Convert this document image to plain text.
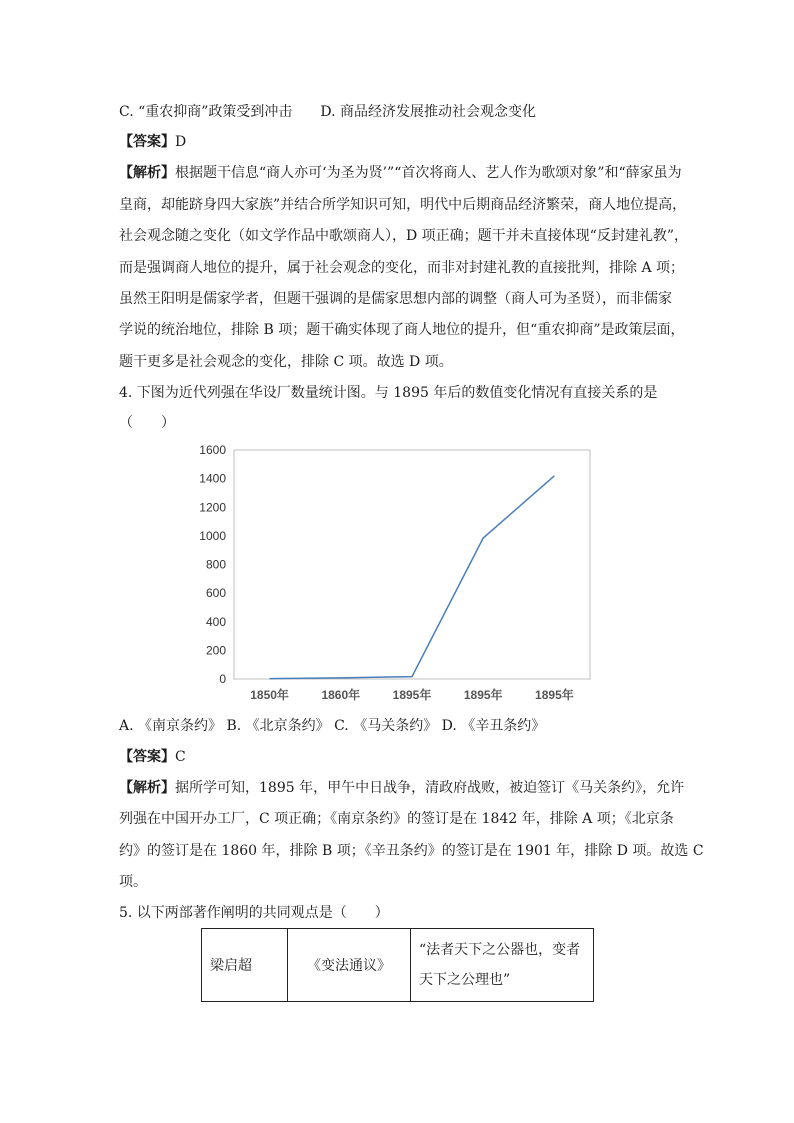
C. “重农抑商”政策受到冲击　　D. 商品经济发展推动社会观念变化
【答案】D
【解析】根据题干信息“商人亦可‘为圣为贤’”“首次将商人、艺人作为歌颂对象”和“薛家虽为
皇商，却能跻身四大家族”并结合所学知识可知，明代中后期商品经济繁荣，商人地位提高，
社会观念随之变化（如文学作品中歌颂商人），D 项正确；题干并未直接体现“反封建礼教”，
而是强调商人地位的提升，属于社会观念的变化，而非对封建礼教的直接批判，排除 A 项；
虽然王阳明是儒家学者，但题干强调的是儒家思想内部的调整（商人可为圣贤），而非儒家
学说的统治地位，排除 B 项；题干确实体现了商人地位的提升，但“重农抑商”是政策层面，
题干更多是社会观念的变化，排除 C 项。故选 D 项。
4. 下图为近代列强在华设厂数量统计图。与 1895 年后的数值变化情况有直接关系的是
（　　）
0
200
400
600
800
1000
1200
1400
1600
1850年	1860年	1895年	1895年	1895年
A. 《南京条约》 B. 《北京条约》 C. 《马关条约》 D. 《辛丑条约》
【答案】C
【解析】据所学可知，1895 年，甲午中日战争，清政府战败，被迫签订《马关条约》，允许
列强在中国开办工厂，C 项正确；《南京条约》的签订是在 1842 年，排除 A 项；《北京条
约》的签订是在 1860 年，排除 B 项；《辛丑条约》的签订是在 1901 年，排除 D 项。故选 C
项。
5. 以下两部著作阐明的共同观点是（　　）
梁启超	《变法通议》	
“法者天下之公器也，变者
天下之公理也”
